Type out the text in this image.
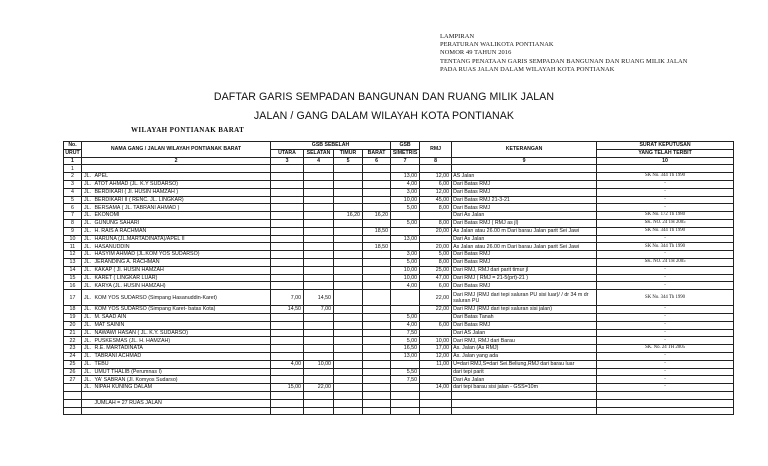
LAMPIRAN
PERATURAN WALIKOTA PONTIANAK
NOMOR 49 TAHUN 2016
TENTANG PENATAAN GARIS SEMPADAN BANGUNAN DAN RUANG MILIK JALAN
PADA RUAS JALAN DALAM WILAYAH KOTA PONTIANAK
DAFTAR GARIS SEMPADAN BANGUNAN DAN RUANG MILIK JALAN
JALAN / GANG DALAM WILAYAH KOTA PONTIANAK
WILAYAH PONTIANAK BARAT
No.	NAMA GANG / JALAN WILAYAH PONTIANAK BARAT		GSB SEBELAH				GSB	RMJ	KETERANGAN	SURAT KEPUTUSAN
URUT			UTARA	SELATAN	TIMUR	BARAT	SIMETRIS			YANG TELAH TERBIT
1	2		3	4	5	6	7	8	9	10
1										
2	JL.	APEL					13,00	12,00	AS Jalan	SK No. 344 Th 1990
3	JL.	ATOT AHMAD (JL. K.Y SUDARSO)					4,00	6,00	Dari Batas RMJ	-
4	JL.	BERDIKARI ( Jl. HUSIN HAMZAH )					3,00	12,00	Dari Batas RMJ	-
5	JL.	BERDIKARI II ( RENC. JL. LINGKAR)					10,00	45,00	Dari Batas RMJ 21-3-21	-
6	JL.	BERSAMA ( JL. TABRANI AHMAD )					5,00	8,00	Dari Batas RMJ	-
7	JL.	EKONOMI			16,20	16,20			Dari As Jalan	SK No. 172 Th 1980
8	JL.	GUNUNG SAHARI					5,00	8,00	Dari Batas RMJ ( RMJ as jl)	SK. NO. 24 TH 2005
9	JL.	H. RAIS A RACHMAN				18,50		20,00	As Jalan atau 26.00 m Dari barau Jalan parit Sei Jawi	SK No. 344 Th 1990
10	JL.	HARUNA (JL.MARTADINATA)/APEL II					13,00		Dari As Jalan	-
11	JL.	HASANUDDIN				18,50		20,00	As Jalan atau 26.00 m Dari barau Jalan parit Sei Jawi	SK No. 344 Th 1990
12	JL.	HASYIM AHMAD (JL.KOM YOS SUDARSO)					3,00	5,00	Dari Batas RMJ	-
13	JL.	JERANDING A. RACHMAN					5,00	8,00	Dari Batas RMJ	SK. NO. 24 TH 2005
14	JL.	KAKAP ( Jl. HUSIN HAMZAH					10,00	25,00	Dari RMJ, RMJ dari parit timur jl	-
15	JL.	KARET ( LINGKAR LUAR)					10,00	47,00	Dari RMJ ( RMJ = 21-5(prt)-21 )	-
16	JL.	KARYA (JL. HUSIN HAMZAH)					4,00	6,00	Dari Batas RMJ	-
17	JL.	KOM YOS SUDARSO (Simpang Hasanuddin-Karet)	7,00	14,50				22,00	Dari RMJ (RMJ dari tepi saluran PU sisi luar)/ / dr 34 m dr saluran PU	SK No. 344 Th 1990
18	JL.	KOM YOS SUDARSO (Simpang Karet- batas Kota)	14,50	7,00				22,00	Dari RMJ (RMJ dari tepi saluran sisi jalan)	-
19	JL.	M. SAAD AIN					5,00		Dari Batas Tanah	-
20	JL.	MAT SAININ					4,00	6,00	Dari Batas RMJ	-
21	JL.	NAWAWI HASAN ( JL. K.Y. SUDARSO)					7,50		Dari AS Jalan	-
22	JL.	PUSKESMAS (JL. H. HAMZAH)					5,00	10,00	Dari RMJ, RMJ dari Barau	-
23	JL.	R.E. MARTADINATA					16,50	17,00	As. Jalan (As RMJ)	SK. No. 24 TH 2005
24	JL.	TABRANI ACHMAD					13,00	12,00	As. Jalan yang ada	-
25	JL.	TEBU	4,00	10,00				11,00	U=dari RMJ,S=dari Sei.Beliung,RMJ dari barau luar	-
26	JL.	UMUT THALIB (Perumnas I)					5,50		dari tepi parit	-
27	JL.	YA' SABRAN (Jl. Komyos Sudarso)					7,50		Dari As Jalan	-
	JL.	NIPAH KUNING DALAM	15,00	22,00				14,00	dari tepi barau sisi jalan - GSS=10m	-

		JUMLAH = 27 RUAS JALAN								
